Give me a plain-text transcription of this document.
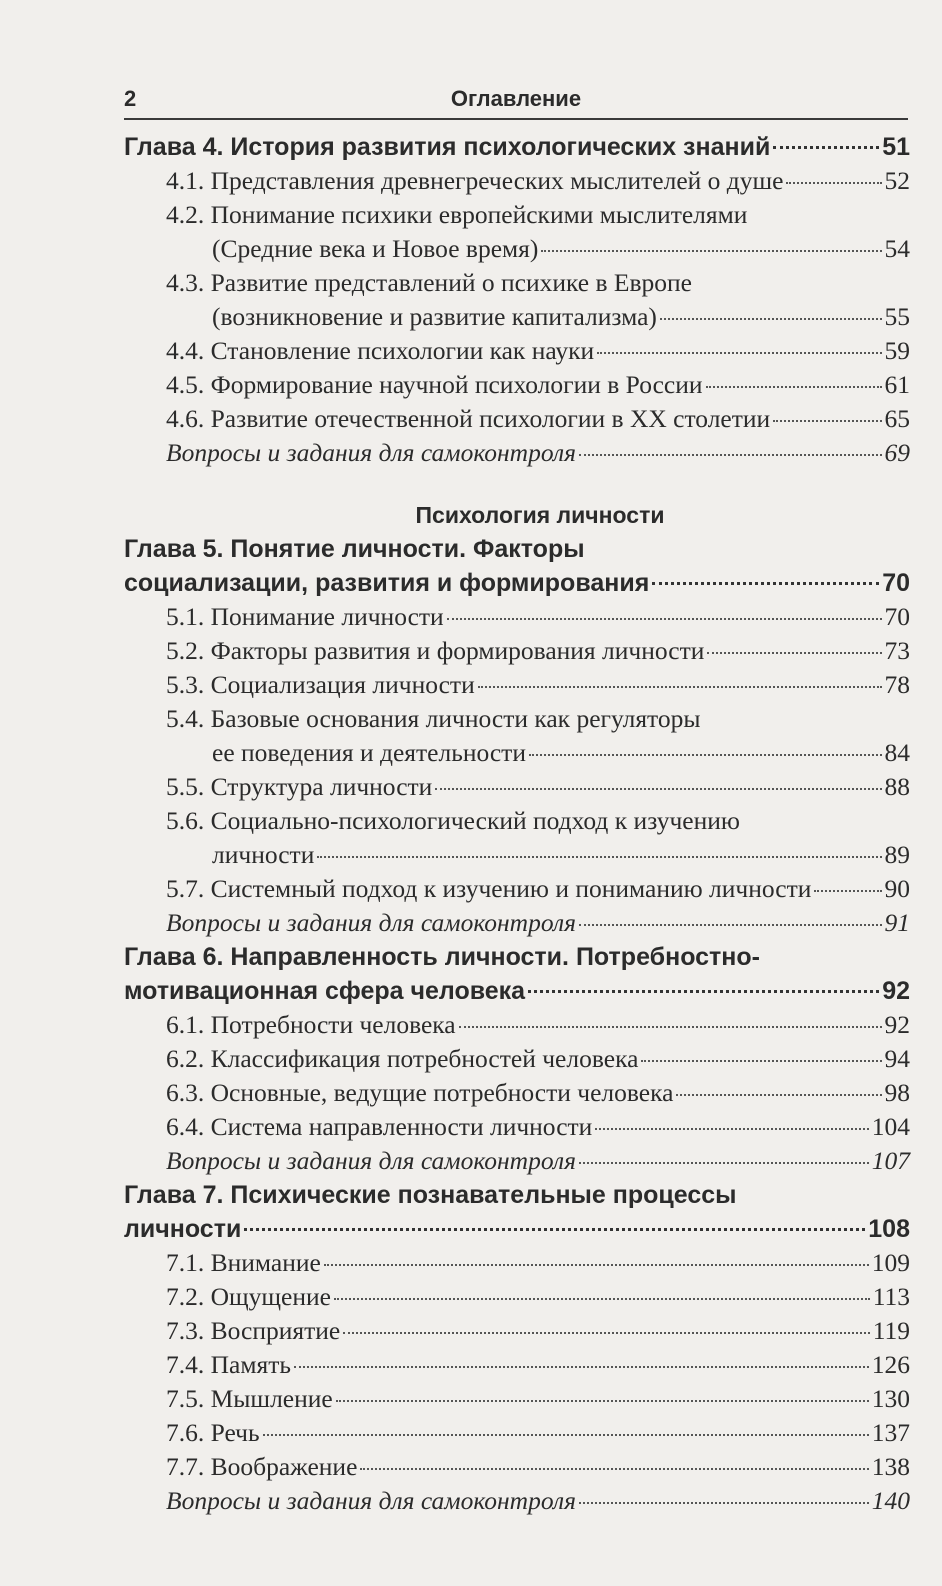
2	Оглавление
Глава 4. История развития психологических знаний	51
4.1. Представления древнегреческих мыслителей о душе	52
4.2. Понимание психики европейскими мыслителями
(Средние века и Новое время)	54
4.3. Развитие представлений о психике в Европе
(возникновение и развитие капитализма)	55
4.4. Становление психологии как науки	59
4.5. Формирование научной психологии в России	61
4.6. Развитие отечественной психологии в XX столетии	65
Вопросы и задания для самоконтроля	69
Психология личности
Глава 5. Понятие личности. Факторы
социализации, развития и формирования	70
5.1. Понимание личности	70
5.2. Факторы развития и формирования личности	73
5.3. Социализация личности	78
5.4. Базовые основания личности как регуляторы
ее поведения и деятельности	84
5.5. Структура личности	88
5.6. Социально-психологический подход к изучению
личности	89
5.7. Системный подход к изучению и пониманию личности	90
Вопросы и задания для самоконтроля	91
Глава 6. Направленность личности. Потребностно-
мотивационная сфера человека	92
6.1. Потребности человека	92
6.2. Классификация потребностей человека	94
6.3. Основные, ведущие потребности человека	98
6.4. Система направленности личности	104
Вопросы и задания для самоконтроля	107
Глава 7. Психические познавательные процессы
личности	108
7.1. Внимание	109
7.2. Ощущение	113
7.3. Восприятие	119
7.4. Память	126
7.5. Мышление	130
7.6. Речь	137
7.7. Воображение	138
Вопросы и задания для самоконтроля	140
